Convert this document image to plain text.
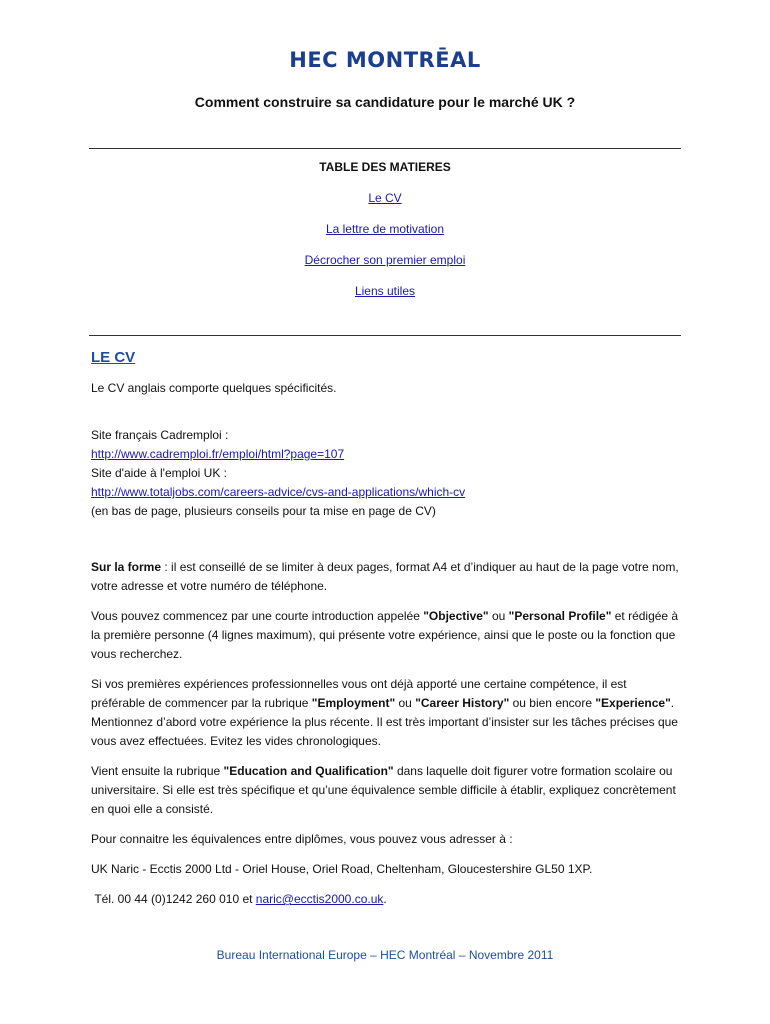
HEC MONTRĒAL
Comment construire sa candidature pour le marché UK ?
TABLE DES MATIERES
Le CV
La lettre de motivation
Décrocher son premier emploi
Liens utiles
LE CV

Le CV anglais comporte quelques spécificités.

Site français Cadremploi :

http://www.cadremploi.fr/emploi/html?page=107

Site d'aide à l'emploi UK :

http://www.totaljobs.com/careers-advice/cvs-and-applications/which-cv

(en bas de page, plusieurs conseils pour ta mise en page de CV)

Sur la forme : il est conseillé de se limiter à deux pages, format A4 et d’indiquer au haut de la page votre nom, votre adresse et votre numéro de téléphone.

Vous pouvez commencez par une courte introduction appelée "Objective" ou "Personal Profile" et rédigée à la première personne (4 lignes maximum), qui présente votre expérience, ainsi que le poste ou la fonction que vous recherchez.

Si vos premières expériences professionnelles vous ont déjà apporté une certaine compétence, il est préférable de commencer par la rubrique "Employment" ou "Career History" ou bien encore "Experience". Mentionnez d’abord votre expérience la plus récente. Il est très important d’insister sur les tâches précises que vous avez effectuées. Evitez les vides chronologiques.

Vient ensuite la rubrique "Education and Qualification" dans laquelle doit figurer votre formation scolaire ou universitaire. Si elle est très spécifique et qu’une équivalence semble difficile à établir, expliquez concrètement en quoi elle a consisté.

Pour connaitre les équivalences entre diplômes, vous pouvez vous adresser à :

UK Naric - Ecctis 2000 Ltd - Oriel House, Oriel Road, Cheltenham, Gloucestershire GL50 1XP.

Tél. 00 44 (0)1242 260 010 et naric@ecctis2000.co.uk.

Bureau International Europe – HEC Montréal – Novembre 2011
